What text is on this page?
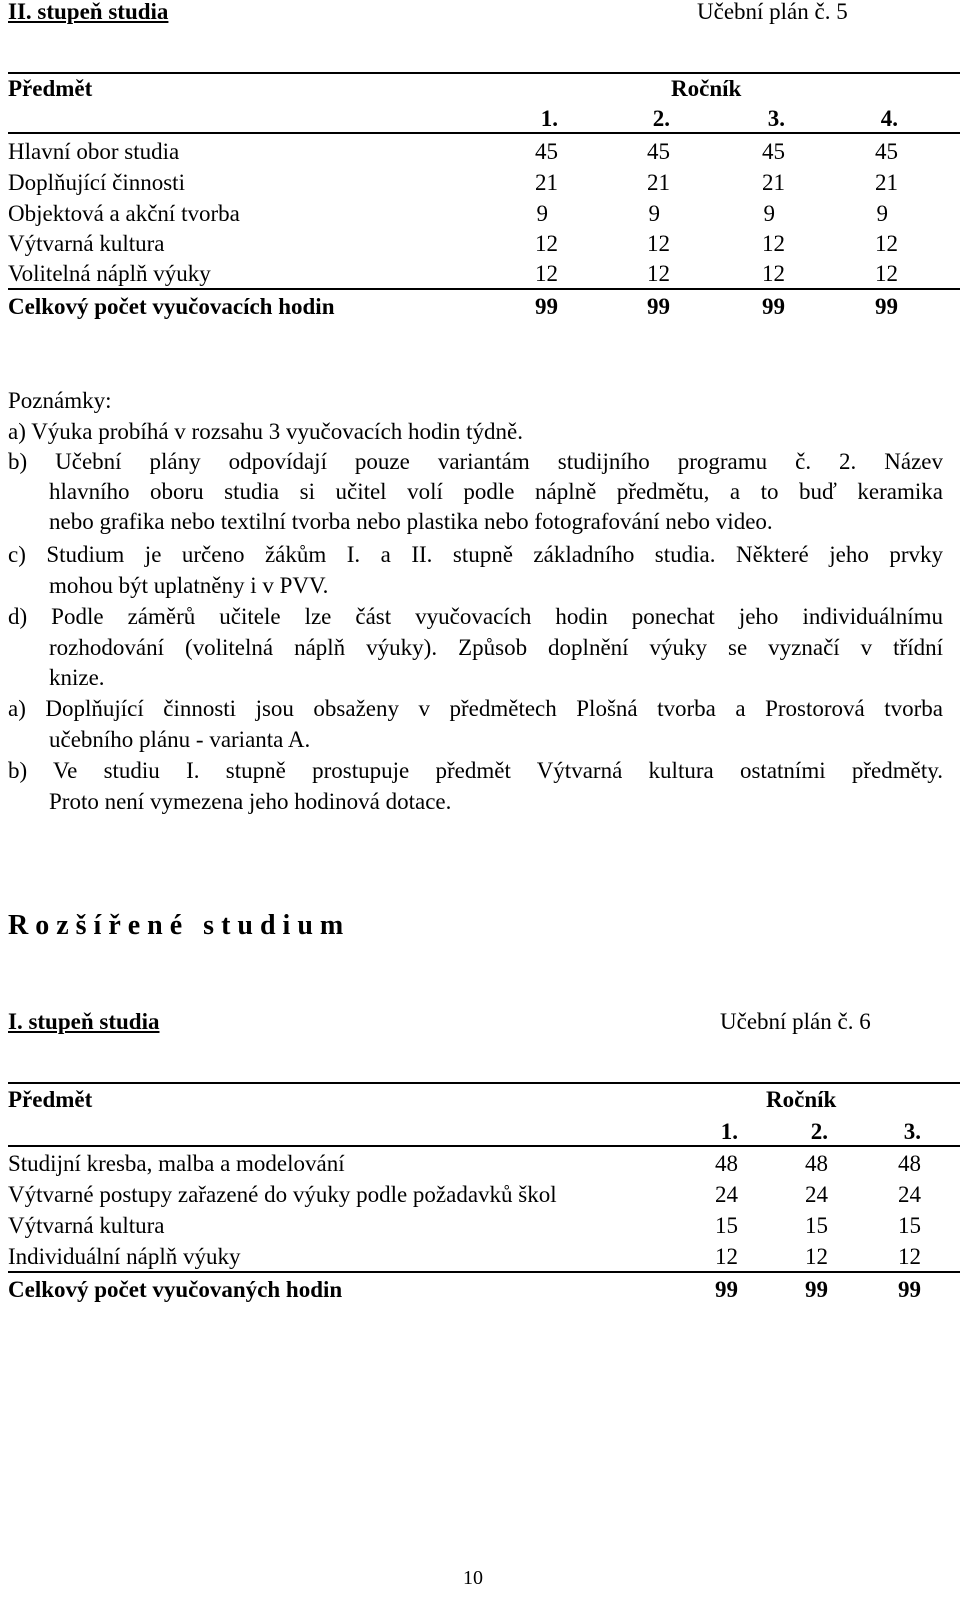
II. stupeň studia	Učební plán č. 5
Předmět	Ročník
1.	2.	3.	4.
Hlavní obor studia	45	45	45	45
Doplňující činnosti	21	21	21	21
Objektová a akční tvorba	9	9	9	9
Výtvarná kultura	12	12	12	12
Volitelná náplň výuky	12	12	12	12
Celkový počet vyučovacích hodin	99	99	99	99
Poznámky:
a) Výuka probíhá v rozsahu 3 vyučovacích hodin týdně.
b) Učební plány odpovídají pouze variantám studijního programu č. 2. Název
hlavního oboru studia si učitel volí podle náplně předmětu, a to buď keramika
nebo grafika nebo textilní tvorba nebo plastika nebo fotografování nebo video.
c) Studium je určeno žákům I. a II. stupně základního studia. Některé jeho prvky
mohou být uplatněny i v PVV.
d) Podle záměrů učitele lze část vyučovacích hodin ponechat jeho individuálnímu
rozhodování (volitelná náplň výuky). Způsob doplnění výuky se vyznačí v třídní
knize.
a) Doplňující činnosti jsou obsaženy v předmětech Plošná tvorba a Prostorová tvorba
učebního plánu - varianta A.
b) Ve studiu I. stupně prostupuje předmět Výtvarná kultura ostatními předměty.
Proto není vymezena jeho hodinová dotace.
R o z š í ř e n é   s t u d i u m
I. stupeň studia	Učební plán č. 6
Předmět	Ročník
1.	2.	3.
Studijní kresba, malba a modelování	48	48	48
Výtvarné postupy zařazené do výuky podle požadavků škol	24	24	24
Výtvarná kultura	15	15	15
Individuální náplň výuky	12	12	12
Celkový počet vyučovaných hodin	99	99	99
10
